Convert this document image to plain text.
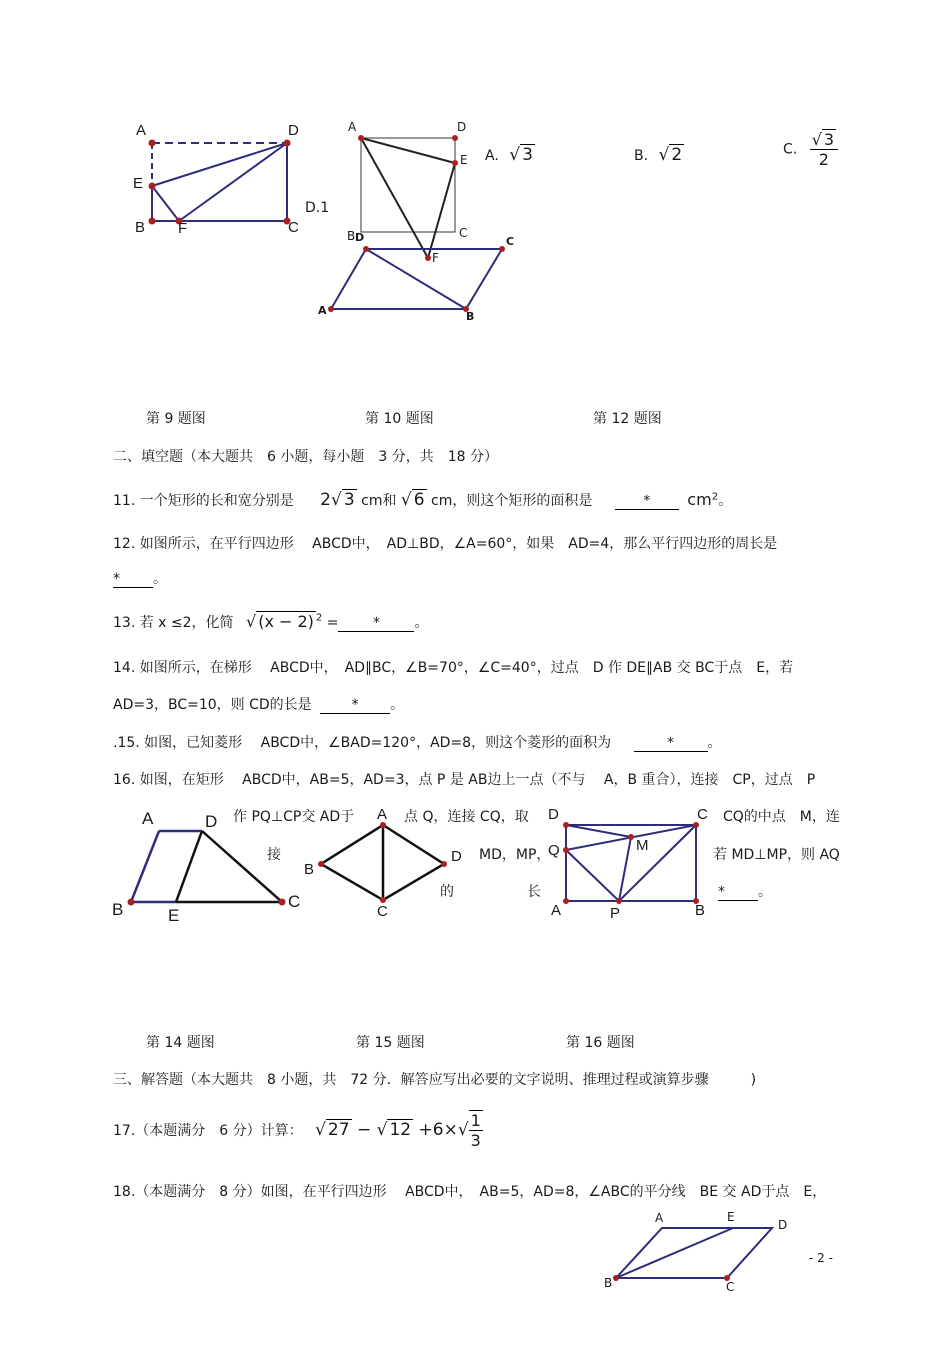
A	D
E
B F	C
D.1
A	D
E
B	C
F
D	C
A	B
A. √ 3	B. √ 2	C. $\frac{√ 3}{2}$
第 9 题图	第 10 题图	第 12 题图
二、填空题（本大题共　6 小题，每小题　3 分，共　18 分）
11. 一个矩形的长和宽分别是 2√ 3 cm和 √ 6 cm，则这个矩形的面积是	* $cm^2$。
12. 如图所示，在平行四边形　 ABCD中，　AD⊥BD，∠A=60°，如果　AD=4，那么平行四边形的周长是
* 。
13. 若 x ≤2，化简 √ (x − 2) $^2$ = * 。
14. 如图所示，在梯形　 ABCD中，　AD∥BC，∠B=70°，∠C=40°，过点　D 作 DE∥AB 交 BC于点　E，若
AD=3，BC=10，则 CD的长是	* 。
.15. 如图，已知菱形　 ABCD中，∠BAD=120°，AD=8，则这个菱形的面积为	* 。
16. 如图，在矩形　 ABCD中，AB=5，AD=3，点 P 是 AB边上一点（不与　 A，B 重合），连接　CP，过点　P
作 PQ⊥CP交 AD于	点 Q，连接 CQ，取	CQ的中点　M，连
接	MD，MP，	若 MD⊥MP，则 AQ
的	长	* 。
A	D
B	E
C
A
B
D
C
D	C
Q	M
A	P	B
第 14 题图	第 15 题图	第 16 题图
三、解答题（本大题共　8 小题，共　72 分．解答应写出必要的文字说明、推理过程或演算步骤　　　)
17.（本题满分　6 分）计算： √ 27 − √ $12 +6\times√ \frac{1}{3}$
18.（本题满分　8 分）如图，在平行四边形　 ABCD中，　AB=5，AD=8，∠ABC的平分线　BE 交 AD于点　E，
A	E
D
B	C
- 2 -
